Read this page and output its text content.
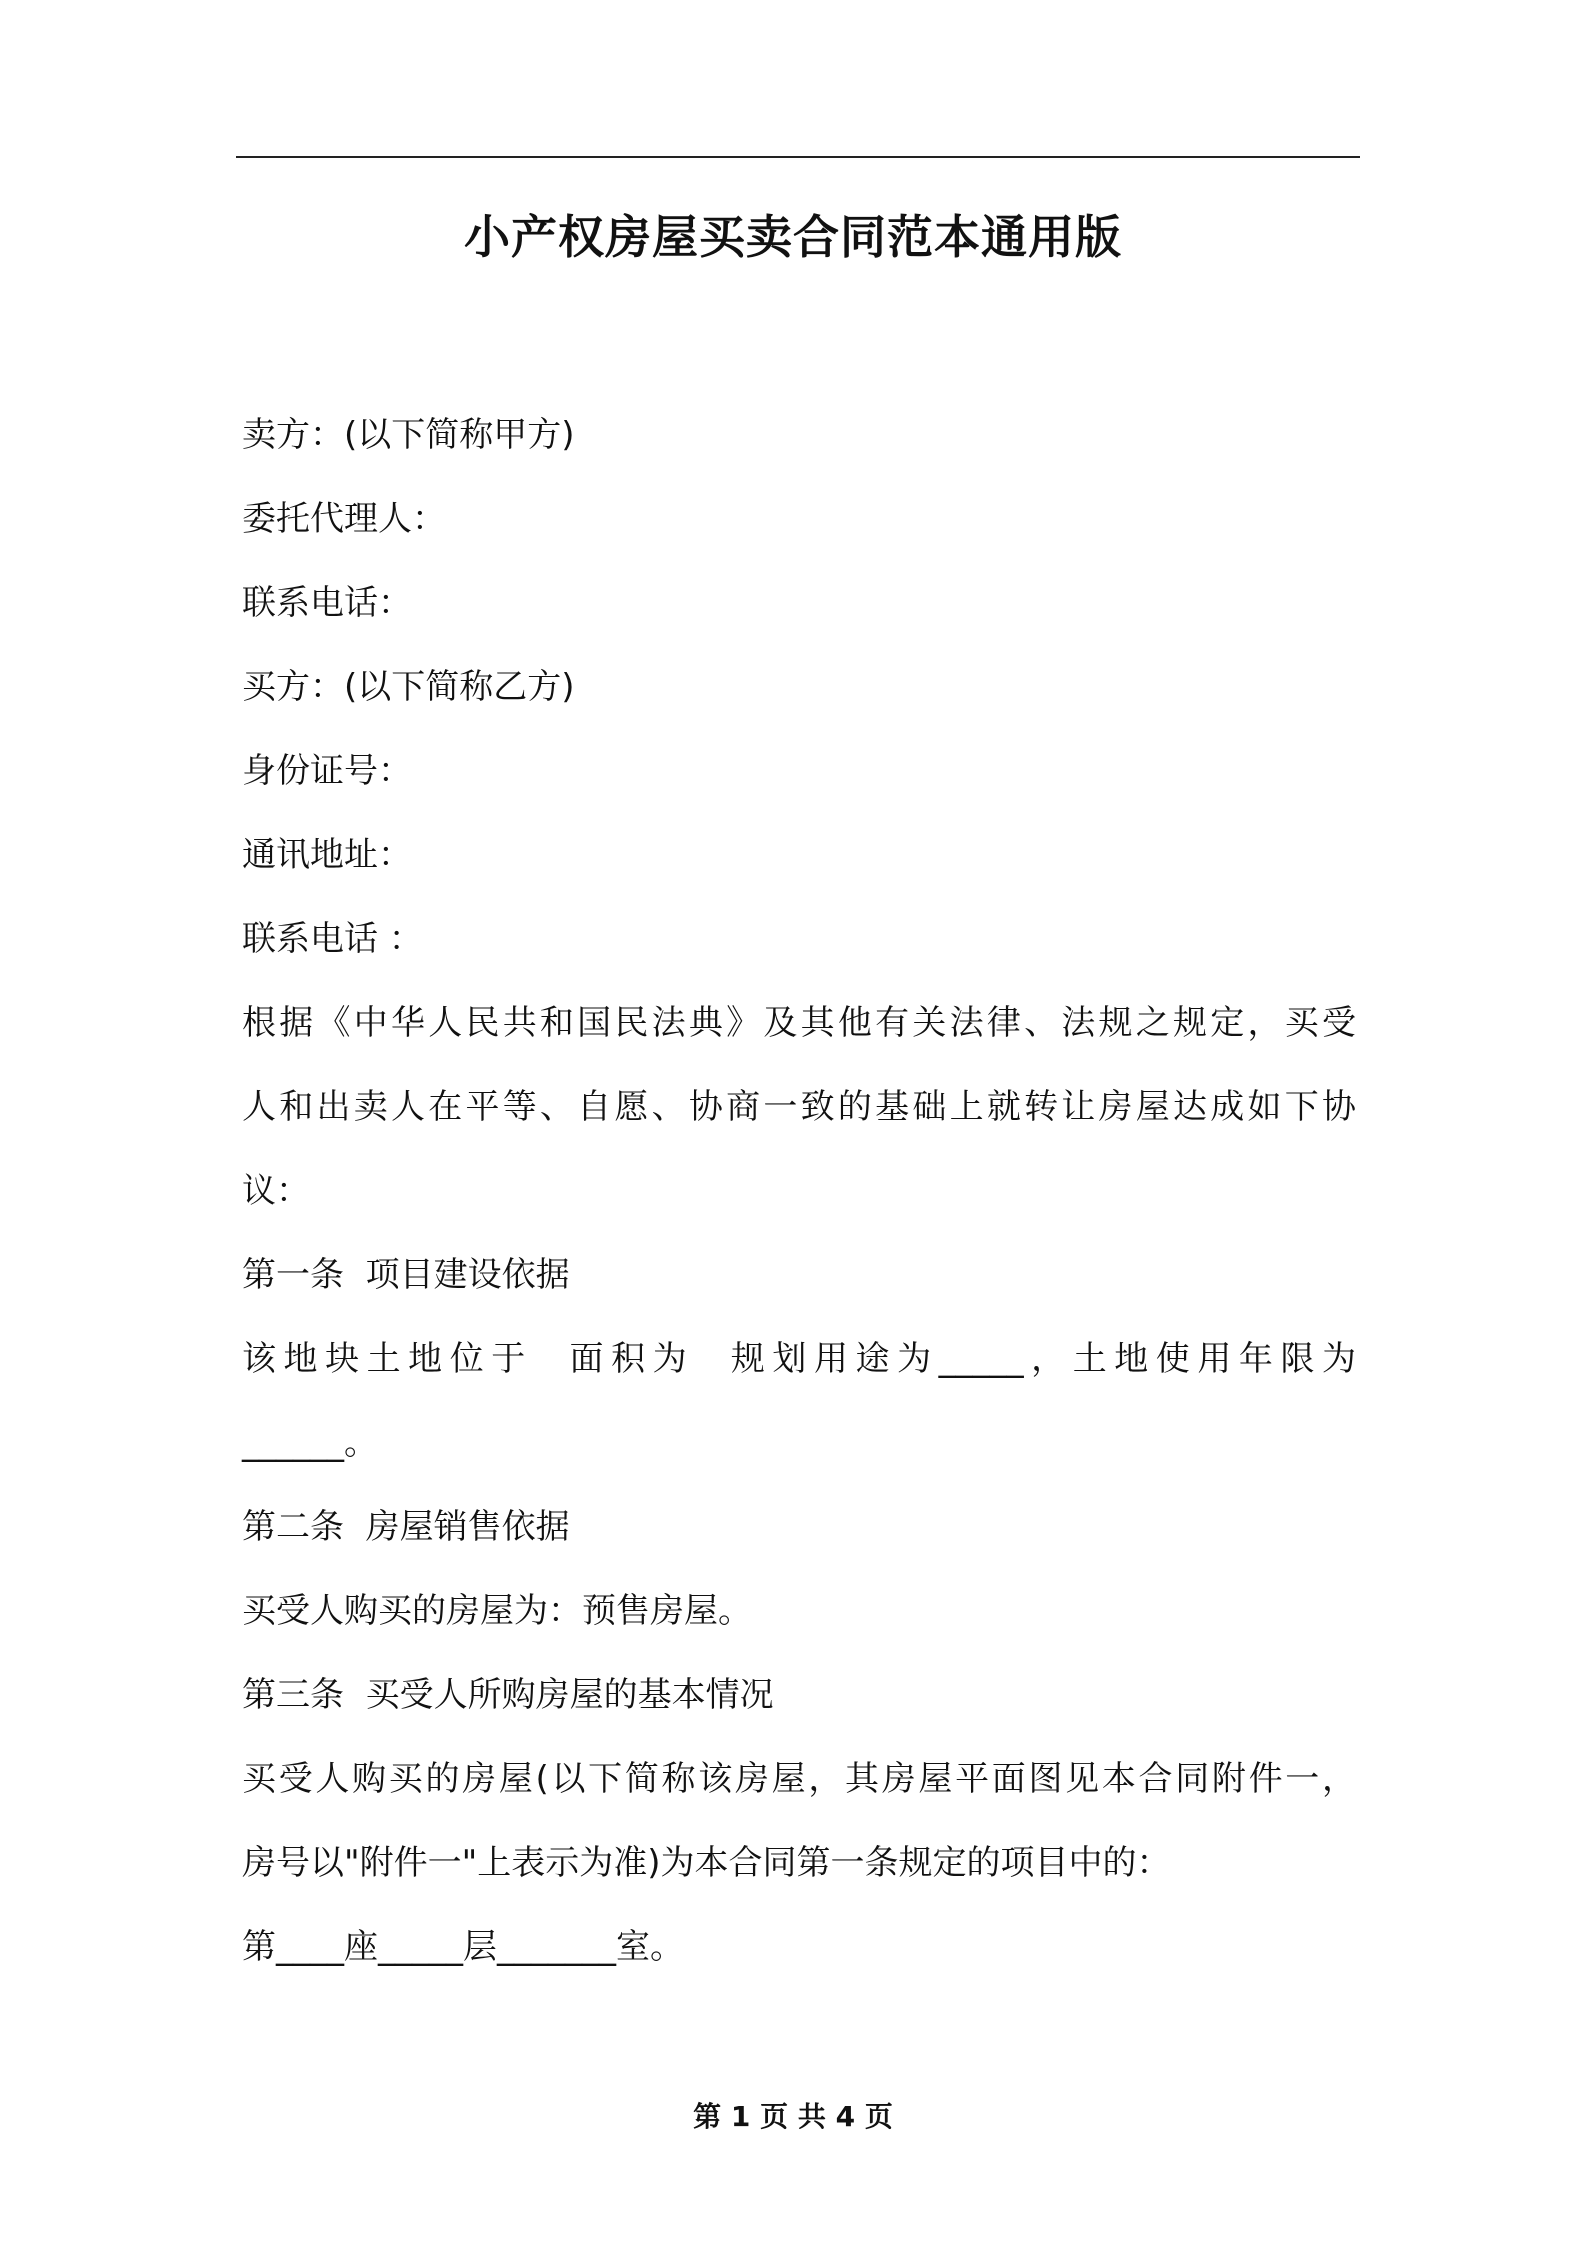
小产权房屋买卖合同范本通用版
卖方：(以下简称甲方)
委托代理人：
联系电话：
买方：(以下简称乙方)
身份证号：
通讯地址：
联系电话 ：
根据《中华人民共和国民法典》及其他有关法律、法规之规定，买受
人和出卖人在平等、自愿、协商一致的基础上就转让房屋达成如下协
议：
第一条  项目建设依据
该地块土地位于  面积为  规划用途为_____，土地使用年限为
______。
第二条  房屋销售依据
买受人购买的房屋为：预售房屋。
第三条  买受人所购房屋的基本情况
买受人购买的房屋(以下简称该房屋，其房屋平面图见本合同附件一，
房号以"附件一"上表示为准)为本合同第一条规定的项目中的：
第____座_____层_______室。
第 1 页 共 4 页
